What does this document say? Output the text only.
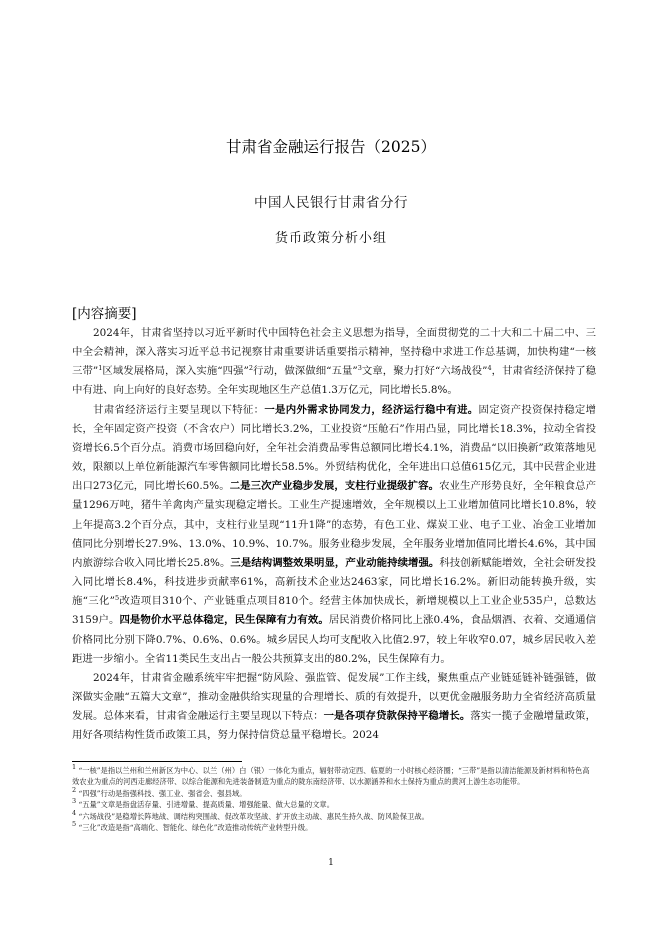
甘肃省金融运行报告（2025）
中国人民银行甘肃省分行
货币政策分析小组
[内容摘要]

2024年，甘肃省坚持以习近平新时代中国特色社会主义思想为指导，全面贯彻党的二十大和二十届二中、三中全会精神，深入落实习近平总书记视察甘肃重要讲话重要指示精神，坚持稳中求进工作总基调，加快构建“一核三带”$^1$区域发展格局，深入实施“四强”$^2$行动，做深做细“五量”$^3$文章，聚力打好“六场战役”$^4$，甘肃省经济保持了稳中有进、向上向好的良好态势。全年实现地区生产总值1.3万亿元，同比增长5.8%。

甘肃省经济运行主要呈现以下特征：一是内外需求协同发力，经济运行稳中有进。固定资产投资保持稳定增长，全年固定资产投资（不含农户）同比增长3.2%，工业投资“压舱石”作用凸显，同比增长18.3%，拉动全省投资增长6.5个百分点。消费市场回稳向好，全年社会消费品零售总额同比增长4.1%，消费品“以旧换新”政策落地见效，限额以上单位新能源汽车零售额同比增长58.5%。外贸结构优化，全年进出口总值615亿元，其中民营企业进出口273亿元，同比增长60.5%。二是三次产业稳步发展，支柱行业提级扩容。农业生产形势良好，全年粮食总产量1296万吨，猪牛羊禽肉产量实现稳定增长。工业生产提速增效，全年规模以上工业增加值同比增长10.8%，较上年提高3.2个百分点，其中，支柱行业呈现“11升1降”的态势，有色工业、煤炭工业、电子工业、冶金工业增加值同比分别增长27.9%、13.0%、10.9%、10.7%。服务业稳步发展，全年服务业增加值同比增长4.6%，其中国内旅游综合收入同比增长25.8%。三是结构调整效果明显，产业动能持续增强。科技创新赋能增效，全社会研发投入同比增长8.4%，科技进步贡献率61%，高新技术企业达2463家，同比增长16.2%。新旧动能转换升级，实施“三化”$^5$改造项目310个、产业链重点项目810个。经营主体加快成长，新增规模以上工业企业535户，总数达3159户。四是物价水平总体稳定，民生保障有力有效。居民消费价格同比上涨0.4%，食品烟酒、衣着、交通通信价格同比分别下降0.7%、0.6%、0.6%。城乡居民人均可支配收入比值2.97，较上年收窄0.07，城乡居民收入差距进一步缩小。全省11类民生支出占一般公共预算支出的80.2%，民生保障有力。

2024年，甘肃省金融系统牢牢把握“防风险、强监管、促发展”工作主线，聚焦重点产业链延链补链强链，做深做实金融“五篇大文章”，推动金融供给实现量的合理增长、质的有效提升，以更优金融服务助力全省经济高质量发展。总体来看，甘肃省金融运行主要呈现以下特点：一是各项存贷款保持平稳增长。落实一揽子金融增量政策，用好各项结构性货币政策工具，努力保持信贷总量平稳增长。2024

$^1$ “一核”是指以兰州和兰州新区为中心、以兰（州）白（银）一体化为重点，辐射带动定西、临夏的一小时核心经济圈；“三带”是指以清洁能源及新材料和特色高效农业为重点的河西走廊经济带、以综合能源和先进装备制造为重点的陇东南经济带、以水源涵养和水土保持为重点的黄河上游生态功能带。
$^2$ “四强”行动是指强科技、强工业、强省会、强县域。
$^3$ “五量”文章是指盘活存量、引进增量、提高质量、增强能量、做大总量的文章。
$^4$ “六场战役”是稳增长阵地战、调结构突围战、促改革攻坚战、扩开放主动战、惠民生持久战、防风险保卫战。
$^5$ “三化”改造是指“高端化、智能化、绿色化”改造推动传统产业转型升级。
1
